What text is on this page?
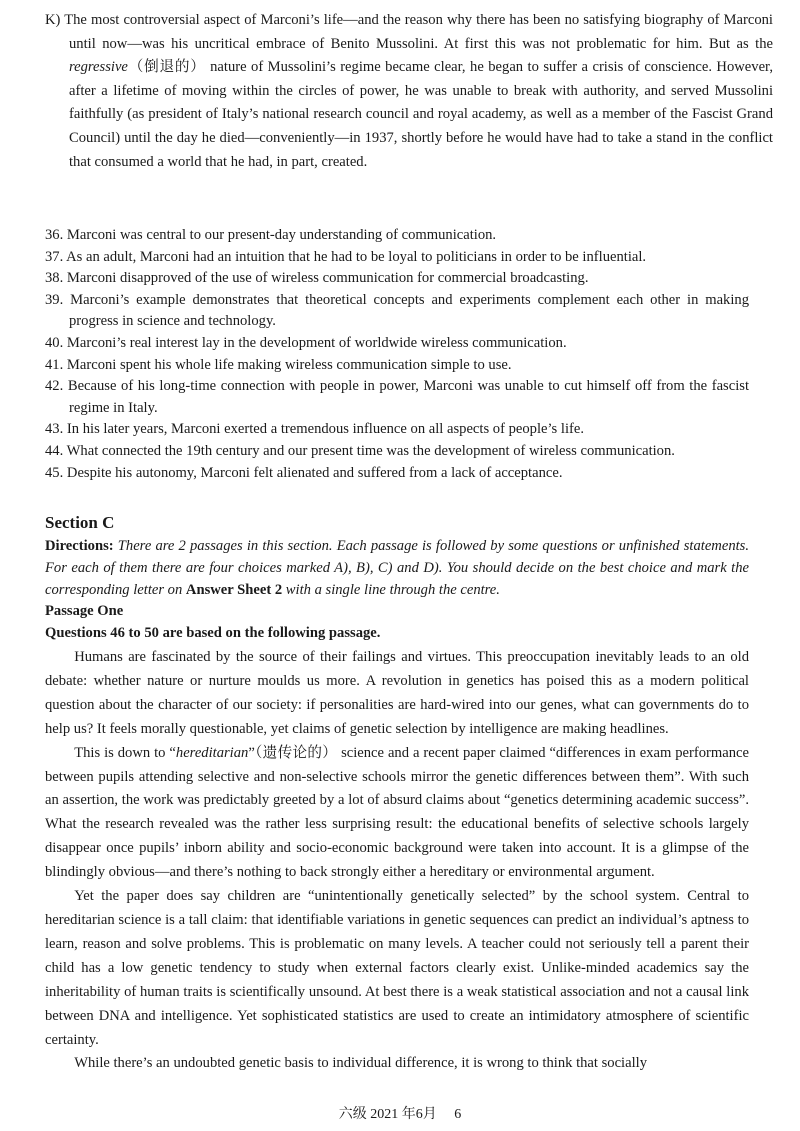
K) The most controversial aspect of Marconi’s life—and the reason why there has been no satisfying biography of Marconi until now—was his uncritical embrace of Benito Mussolini. At first this was not problematic for him. But as the regressive（倒退的） nature of Mussolini’s regime became clear, he began to suffer a crisis of conscience. However, after a lifetime of moving within the circles of power, he was unable to break with authority, and served Mussolini faithfully (as president of Italy’s national research council and royal academy, as well as a member of the Fascist Grand Council) until the day he died—conveniently—in 1937, shortly before he would have had to take a stand in the conflict that consumed a world that he had, in part, created.

36. Marconi was central to our present-day understanding of communication.

37. As an adult, Marconi had an intuition that he had to be loyal to politicians in order to be influential.

38. Marconi disapproved of the use of wireless communication for commercial broadcasting.

39. Marconi’s example demonstrates that theoretical concepts and experiments complement each other in making progress in science and technology.

40. Marconi’s real interest lay in the development of worldwide wireless communication.

41. Marconi spent his whole life making wireless communication simple to use.

42. Because of his long-time connection with people in power, Marconi was unable to cut himself off from the fascist regime in Italy.

43. In his later years, Marconi exerted a tremendous influence on all aspects of people’s life.

44. What connected the 19th century and our present time was the development of wireless communication.

45. Despite his autonomy, Marconi felt alienated and suffered from a lack of acceptance.

Section C

Directions: There are 2 passages in this section. Each passage is followed by some questions or unfinished statements. For each of them there are four choices marked A), B), C) and D). You should decide on the best choice and mark the corresponding letter on Answer Sheet 2 with a single line through the centre.

Passage One
Questions 46 to 50 are based on the following passage.

Humans are fascinated by the source of their failings and virtues. This preoccupation inevitably leads to an old debate: whether nature or nurture moulds us more. A revolution in genetics has poised this as a modern political question about the character of our society: if personalities are hard-wired into our genes, what can governments do to help us? It feels morally questionable, yet claims of genetic selection by intelligence are making headlines.

This is down to “hereditarian”（遗传论的） science and a recent paper claimed “differences in exam performance between pupils attending selective and non-selective schools mirror the genetic differences between them”. With such an assertion, the work was predictably greeted by a lot of absurd claims about “genetics determining academic success”. What the research revealed was the rather less surprising result: the educational benefits of selective schools largely disappear once pupils’ inborn ability and socio-economic background were taken into account. It is a glimpse of the blindingly obvious—and there’s nothing to back strongly either a hereditary or environmental argument.

Yet the paper does say children are “unintentionally genetically selected” by the school system. Central to hereditarian science is a tall claim: that identifiable variations in genetic sequences can predict an individual’s aptness to learn, reason and solve problems. This is problematic on many levels. A teacher could not seriously tell a parent their child has a low genetic tendency to study when external factors clearly exist. Unlike-minded academics say the inheritability of human traits is scientifically unsound. At best there is a weak statistical association and not a causal link between DNA and intelligence. Yet sophisticated statistics are used to create an intimidatory atmosphere of scientific certainty.

While there’s an undoubted genetic basis to individual difference, it is wrong to think that socially

六级 2021 年6月　 6
